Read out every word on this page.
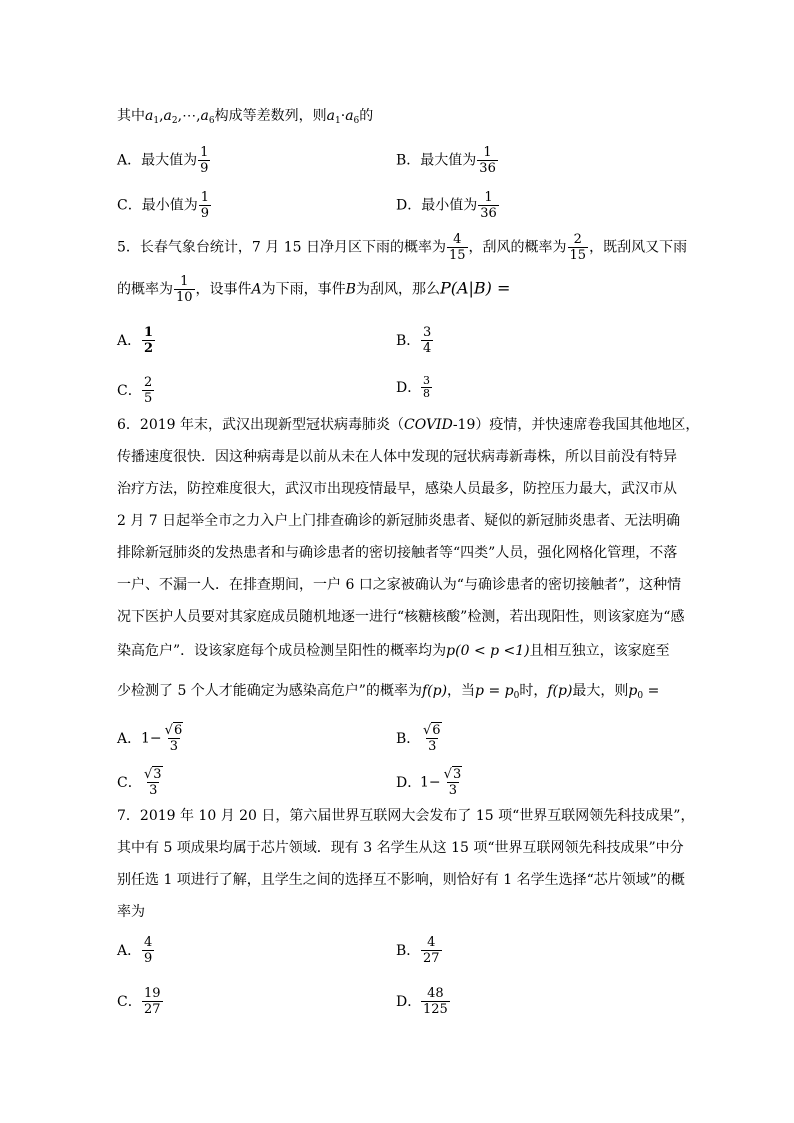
其中$a_1,a_2,\cdots,a_6$构成等差数列，则$a_1\cdot a_6$的
A．最大值为 $\frac{1}{9}$	B．最大值为 $\frac{1}{36}$
C．最小值为 $\frac{1}{9}$	D．最小值为 $\frac{1}{36}$
5．长春气象台统计，7 月 15 日净月区下雨的概率为 $\frac{4}{15}$ ，刮风的概率为 $\frac{2}{15}$ ，既刮风又下雨
的概率为 $\frac{1}{10}$ ，设事件A为下雨，事件B为刮风，那么P(A|B) =
A． $\frac{1}{2}$	B． $\frac{3}{4}$
C． $\frac{2}{5}$	D． $\frac{3}{8}$
6．2019 年末，武汉出现新型冠状病毒肺炎（COVID-19）疫情，并快速席卷我国其他地区，
传播速度很快．因这种病毒是以前从未在人体中发现的冠状病毒新毒株，所以目前没有特异
治疗方法，防控难度很大，武汉市出现疫情最早，感染人员最多，防控压力最大，武汉市从
2 月 7 日起举全市之力入户上门排查确诊的新冠肺炎患者、疑似的新冠肺炎患者、无法明确
排除新冠肺炎的发热患者和与确诊患者的密切接触者等“四类”人员，强化网格化管理，不落
一户、不漏一人．在排查期间，一户 6 口之家被确认为“与确诊患者的密切接触者”，这种情
况下医护人员要对其家庭成员随机地逐一进行“核糖核酸”检测，若出现阳性，则该家庭为“感
染高危户”．设该家庭每个成员检测呈阳性的概率均为p(0 < p <1)且相互独立，该家庭至
少检测了 5 个人才能确定为感染高危户”的概率为f(p)，当$p = p_0$时，f(p)最大，则$p_0$ =
A．$1- \frac{√6}{3}$	B． $\frac{√6}{3}$
C． $\frac{√3}{3}$	D．$1- \frac{√3}{3}$
7．2019 年 10 月 20 日，第六届世界互联网大会发布了 15 项“世界互联网领先科技成果”，
其中有 5 项成果均属于芯片领域．现有 3 名学生从这 15 项“世界互联网领先科技成果”中分
别任选 1 项进行了解，且学生之间的选择互不影响，则恰好有 1 名学生选择“芯片领域”的概
率为
A． $\frac{4}{9}$	B． $\frac{4}{27}$
C． $\frac{19}{27}$	D． $\frac{48}{125}$
